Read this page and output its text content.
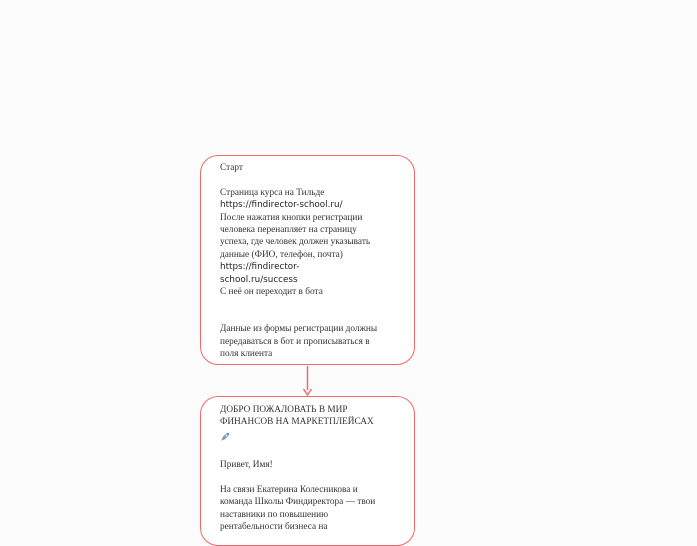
Старт

Страница курса на Тильде

https://findirector-school.ru/

После нажатия кнопки регистрации

человека перенапляет на страницу

успеха, где человек должен указывать

данные (ФИО, телефон, почта)

https://findirector-
school.ru/success

С неё он переходит в бота

Данные из формы регистрации должны

передаваться в бот и прописываться в

поля клиента

ДОБРО ПОЖАЛОВАТЬ В МИР

ФИНАНСОВ НА МАРКЕТПЛЕЙСАХ

Привет, Имя!

На связи Екатерина Колесникова и

команда Школы Финдиректора — твои

наставники по повышению

рентабельности бизнеса на
